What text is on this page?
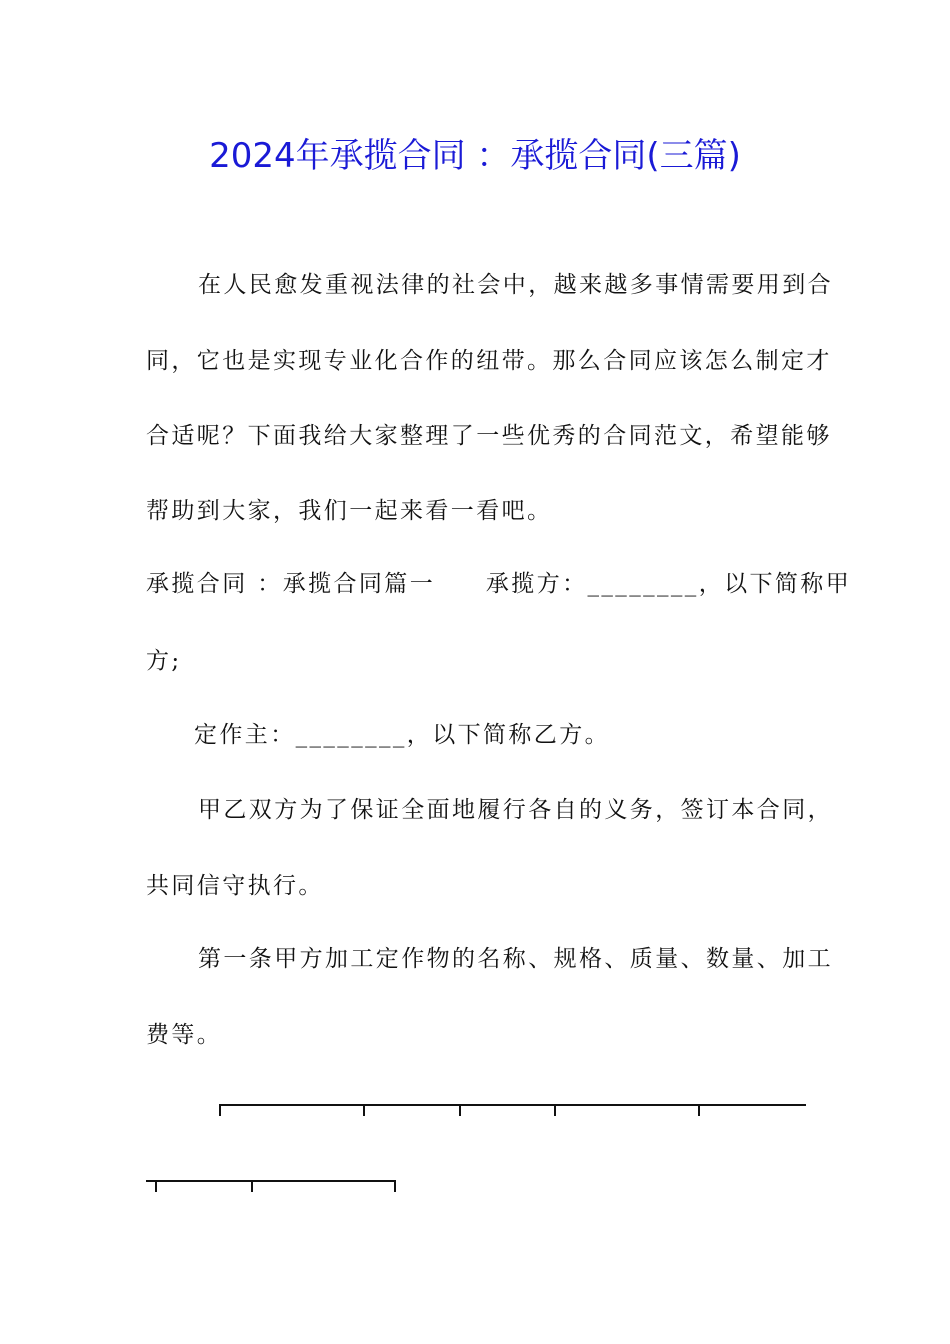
2024年承揽合同 ：承揽合同(三篇)
在人民愈发重视法律的社会中，越来越多事情需要用到合
同，它也是实现专业化合作的纽带。那么合同应该怎么制定才
合适呢？下面我给大家整理了一些优秀的合同范文，希望能够
帮助到大家，我们一起来看一看吧。
承揽合同 ：承揽合同篇一　　承揽方：________，以下简称甲
方;
定作主：________，以下简称乙方。
甲乙双方为了保证全面地履行各自的义务，签订本合同，
共同信守执行。
第一条甲方加工定作物的名称、规格、质量、数量、加工
费等。
